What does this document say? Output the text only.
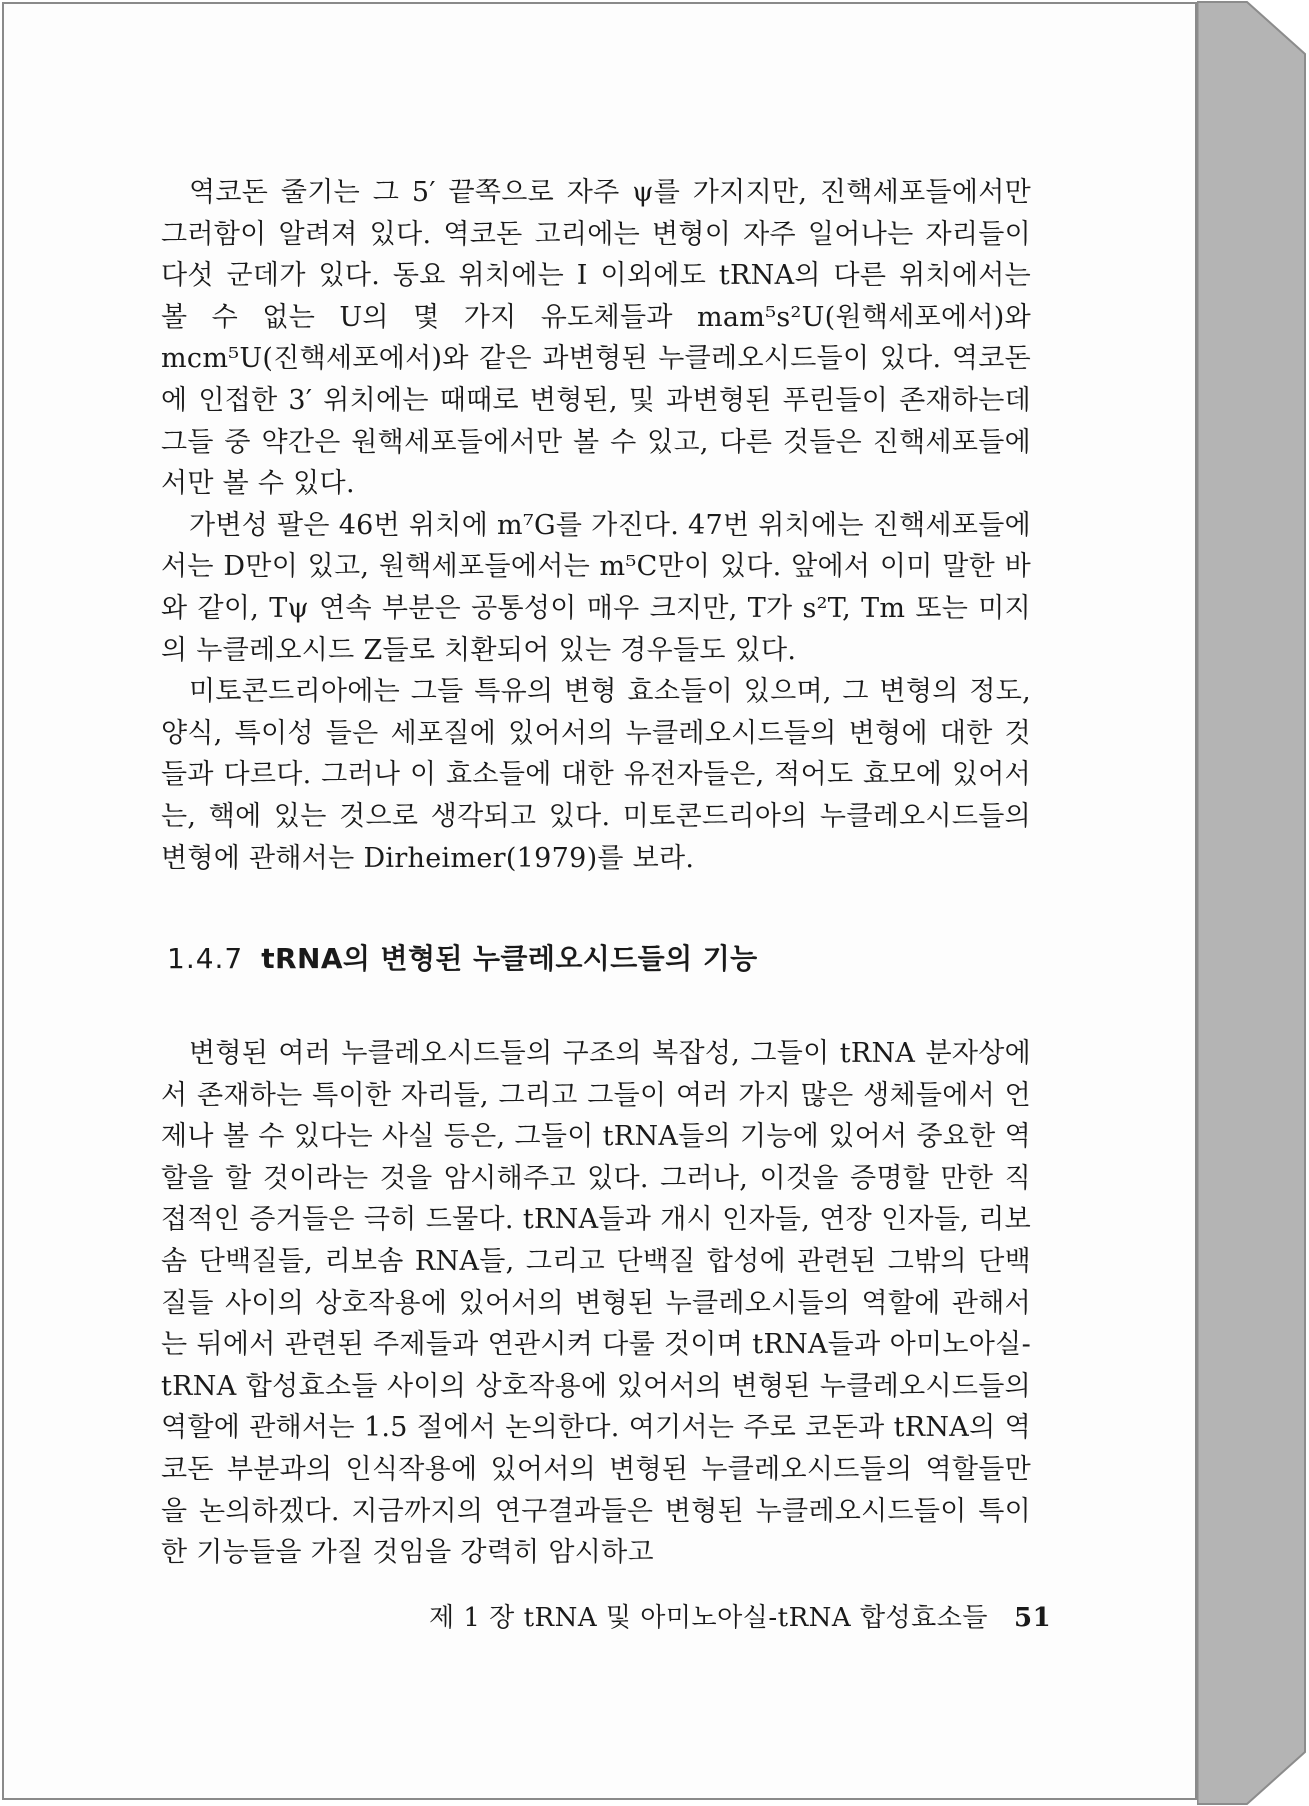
역코돈 줄기는 그 5′ 끝쪽으로 자주 ψ를 가지지만, 진핵세포들에서만 그러함이 알려져 있다. 역코돈 고리에는 변형이 자주 일어나는 자리들이 다섯 군데가 있다. 동요 위치에는 I 이외에도 tRNA의 다른 위치에서는 볼 수 없는 U의 몇 가지 유도체들과 mam⁵s²U(원핵세포에서)와 mcm⁵U(진핵세포에서)와 같은 과변형된 누클레오시드들이 있다. 역코돈에 인접한 3′ 위치에는 때때로 변형된, 및 과변형된 푸린들이 존재하는데 그들 중 약간은 원핵세포들에서만 볼 수 있고, 다른 것들은 진핵세포들에서만 볼 수 있다.

가변성 팔은 46번 위치에 m⁷G를 가진다. 47번 위치에는 진핵세포들에서는 D만이 있고, 원핵세포들에서는 m⁵C만이 있다. 앞에서 이미 말한 바와 같이, Tψ 연속 부분은 공통성이 매우 크지만, T가 s²T, Tm 또는 미지의 누클레오시드 Z들로 치환되어 있는 경우들도 있다.

미토콘드리아에는 그들 특유의 변형 효소들이 있으며, 그 변형의 정도, 양식, 특이성 들은 세포질에 있어서의 누클레오시드들의 변형에 대한 것들과 다르다. 그러나 이 효소들에 대한 유전자들은, 적어도 효모에 있어서는, 핵에 있는 것으로 생각되고 있다. 미토콘드리아의 누클레오시드들의 변형에 관해서는 Dirheimer(1979)를 보라.

1.4.7 tRNA의 변형된 누클레오시드들의 기능

변형된 여러 누클레오시드들의 구조의 복잡성, 그들이 tRNA 분자상에서 존재하는 특이한 자리들, 그리고 그들이 여러 가지 많은 생체들에서 언제나 볼 수 있다는 사실 등은, 그들이 tRNA들의 기능에 있어서 중요한 역할을 할 것이라는 것을 암시해주고 있다. 그러나, 이것을 증명할 만한 직접적인 증거들은 극히 드물다. tRNA들과 개시 인자들, 연장 인자들, 리보솜 단백질들, 리보솜 RNA들, 그리고 단백질 합성에 관련된 그밖의 단백질들 사이의 상호작용에 있어서의 변형된 누클레오시들의 역할에 관해서는 뒤에서 관련된 주제들과 연관시켜 다룰 것이며 tRNA들과 아미노아실-tRNA 합성효소들 사이의 상호작용에 있어서의 변형된 누클레오시드들의 역할에 관해서는 1.5 절에서 논의한다. 여기서는 주로 코돈과 tRNA의 역코돈 부분과의 인식작용에 있어서의 변형된 누클레오시드들의 역할들만을 논의하겠다. 지금까지의 연구결과들은 변형된 누클레오시드들이 특이한 기능들을 가질 것임을 강력히 암시하고

제 1 장 tRNA 및 아미노아실-tRNA 합성효소들 51
